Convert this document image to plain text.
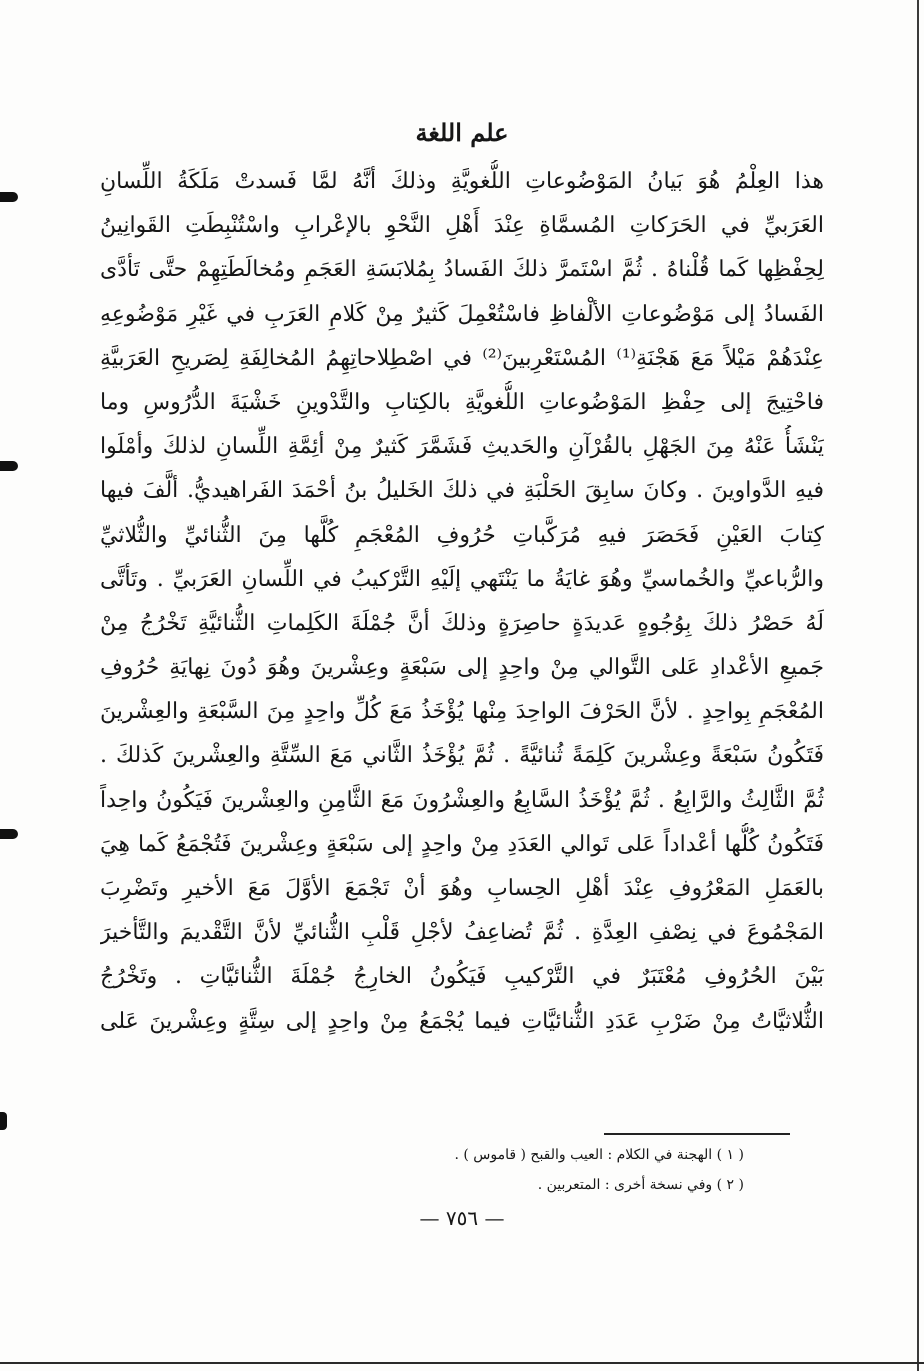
علم اللغة
هذا العِلْمُ هُوَ بَيانُ المَوْضُوعاتِ اللُّغويَّةِ وذلكَ أنَّهُ لمَّا فَسدتْ مَلَكَةُ اللِّسانِ
العَرَبيِّ في الحَرَكاتِ المُسمَّاةِ عِنْدَ أَهْلِ النَّحْوِ بالإعْرابِ واسْتُنْبِطَتِ القَوانِينُ
لِحِفْظِها كَما قُلْناهُ . ثُمَّ اسْتَمرَّ ذلكَ الفَسادُ بِمُلابَسَةِ العَجَمِ ومُخالَطَتِهِمْ حتَّى تَأدَّى
الفَسادُ إلى مَوْضُوعاتِ الألْفاظِ فاسْتُعْمِلَ كَثيرٌ مِنْ كَلامِ العَرَبِ في غَيْرِ مَوْضُوعِهِ
عِنْدَهُمْ مَيْلاً مَعَ هَجْنَةِ⁽¹⁾ المُسْتَعْرِبينَ⁽²⁾ في اصْطِلاحاتِهِمُ المُخالِفَةِ لِصَريحِ العَرَبيَّةِ
فاحْتِيجَ إلى حِفْظِ المَوْضُوعاتِ اللُّغويَّةِ بالكِتابِ والتَّدْوينِ خَشْيَةَ الدُّرُوسِ وما
يَنْشَأُ عَنْهُ مِنَ الجَهْلِ بالقُرْآنِ والحَديثِ فَشَمَّرَ كَثيرٌ مِنْ أئِمَّةِ اللِّسانِ لذلكَ وأمْلَوا
فيهِ الدَّواوينَ . وكانَ سابِقَ الحَلْبَةِ في ذلكَ الخَليلُ بنُ أحْمَدَ الفَراهيديُّ. ألَّفَ فيها
كِتابَ العَيْنِ فَحَصَرَ فيهِ مُرَكَّباتِ حُرُوفِ المُعْجَمِ كُلَّها مِنَ الثُّنائيِّ والثُّلاثيِّ
والرُّباعيِّ والخُماسيِّ وهُوَ غايَةُ ما يَنْتَهي إلَيْهِ التَّرْكيبُ في اللِّسانِ العَرَبيِّ . وتَأتَّى
لَهُ حَصْرُ ذلكَ بِوُجُوهٍ عَديدَةٍ حاصِرَةٍ وذلكَ أنَّ جُمْلَةَ الكَلِماتِ الثُّنائيَّةِ تَخْرُجُ مِنْ
جَميعِ الأعْدادِ عَلى التَّوالي مِنْ واحِدٍ إلى سَبْعَةٍ وعِشْرينَ وهُوَ دُونَ نِهايَةِ حُرُوفِ
المُعْجَمِ بِواحِدٍ . لأنَّ الحَرْفَ الواحِدَ مِنْها يُؤْخَذُ مَعَ كُلِّ واحِدٍ مِنَ السَّبْعَةِ والعِشْرينَ
فَتَكُونُ سَبْعَةً وعِشْرينَ كَلِمَةً ثُنائيَّةً . ثُمَّ يُؤْخَذُ الثَّاني مَعَ السِّتَّةِ والعِشْرينَ كَذلكَ .
ثُمَّ الثَّالِثُ والرَّابِعُ . ثُمَّ يُؤْخَذُ السَّابِعُ والعِشْرُونَ مَعَ الثَّامِنِ والعِشْرينَ فَيَكُونُ واحِداً
فَتَكُونُ كُلُّها أعْداداً عَلى تَوالي العَدَدِ مِنْ واحِدٍ إلى سَبْعَةٍ وعِشْرينَ فَتُجْمَعُ كَما هِيَ
بالعَمَلِ المَعْرُوفِ عِنْدَ أهْلِ الحِسابِ وهُوَ أنْ تَجْمَعَ الأوَّلَ مَعَ الأخيرِ وتَضْرِبَ
المَجْمُوعَ في نِصْفِ العِدَّةِ . ثُمَّ تُضاعِفُ لأجْلِ قَلْبِ الثُّنائيِّ لأنَّ التَّقْديمَ والتَّأخيرَ
بَيْنَ الحُرُوفِ مُعْتَبَرٌ في التَّرْكيبِ فَيَكُونُ الخارِجُ جُمْلَةَ الثُّنائيَّاتِ . وتَخْرُجُ
الثُّلاثيَّاتُ مِنْ ضَرْبِ عَدَدِ الثُّنائيَّاتِ فيما يُجْمَعُ مِنْ واحِدٍ إلى سِتَّةٍ وعِشْرينَ عَلى
( ١ ) الهجنة في الكلام : العيب والقبح ( قاموس ) .
( ٢ ) وفي نسخة أخرى : المتعربين .
— ٧٥٦ —
